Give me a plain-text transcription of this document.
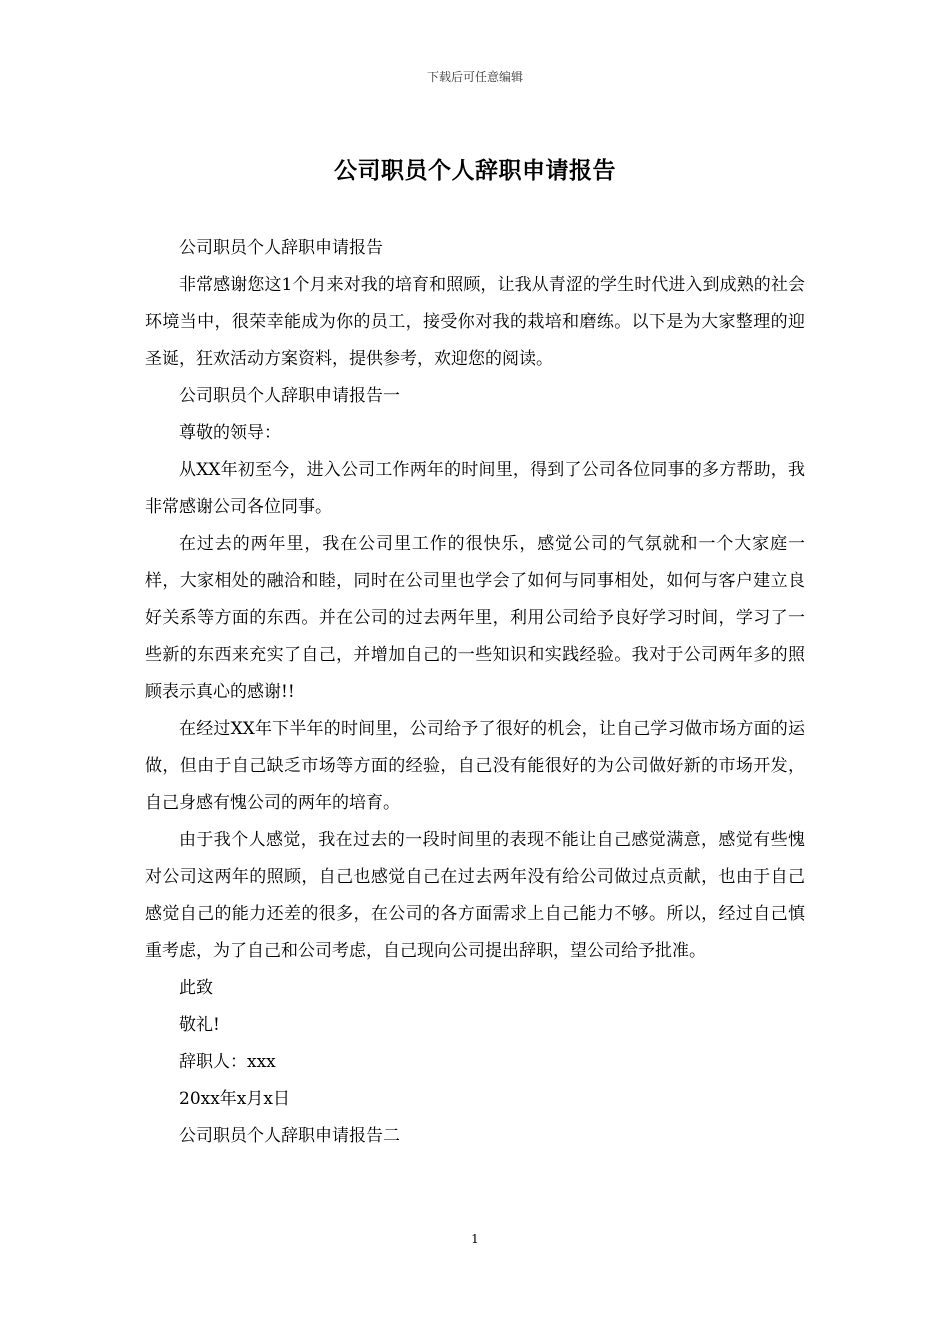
下载后可任意编辑
公司职员个人辞职申请报告

公司职员个人辞职申请报告

非常感谢您这1个月来对我的培育和照顾，让我从青涩的学生时代进入到成熟的社会环境当中，很荣幸能成为你的员工，接受你对我的栽培和磨练。以下是为大家整理的迎圣诞，狂欢活动方案资料，提供参考，欢迎您的阅读。

公司职员个人辞职申请报告一

尊敬的领导：

从XX年初至今，进入公司工作两年的时间里，得到了公司各位同事的多方帮助，我非常感谢公司各位同事。

在过去的两年里，我在公司里工作的很快乐，感觉公司的气氛就和一个大家庭一样，大家相处的融洽和睦，同时在公司里也学会了如何与同事相处，如何与客户建立良好关系等方面的东西。并在公司的过去两年里，利用公司给予良好学习时间，学习了一些新的东西来充实了自己，并增加自己的一些知识和实践经验。我对于公司两年多的照顾表示真心的感谢!!

在经过XX年下半年的时间里，公司给予了很好的机会，让自己学习做市场方面的运做，但由于自己缺乏市场等方面的经验，自己没有能很好的为公司做好新的市场开发，自己身感有愧公司的两年的培育。

由于我个人感觉，我在过去的一段时间里的表现不能让自己感觉满意，感觉有些愧对公司这两年的照顾，自己也感觉自己在过去两年没有给公司做过点贡献，也由于自己感觉自己的能力还差的很多，在公司的各方面需求上自己能力不够。所以，经过自己慎重考虑，为了自己和公司考虑，自己现向公司提出辞职，望公司给予批准。

此致

敬礼!

辞职人：xxx

20xx年x月x日

公司职员个人辞职申请报告二

1
